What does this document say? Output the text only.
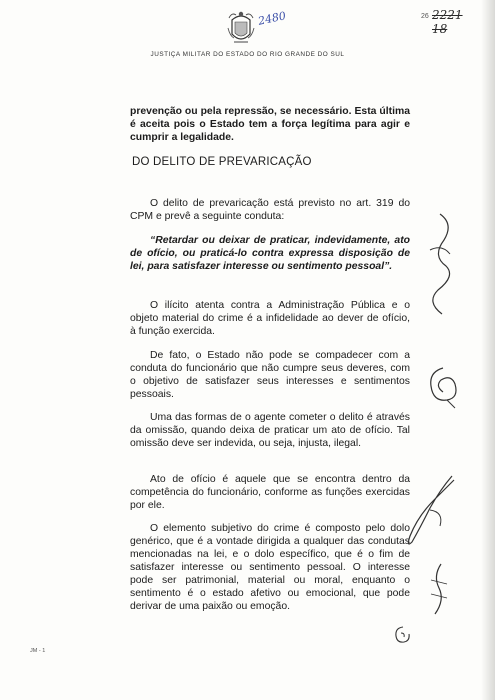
2480	26 2221
18
JUSTIÇA MILITAR DO ESTADO DO RIO GRANDE DO SUL

prevenção ou pela repressão, se necessário. Esta última é aceita pois o Estado tem a força legítima para agir e cumprir a legalidade.

DO DELITO DE PREVARICAÇÃO

O delito de prevaricação está previsto no art. 319 do CPM e prevê a seguinte conduta:

“Retardar ou deixar de praticar, indevidamente, ato de ofício, ou praticá-lo contra expressa disposição de lei, para satisfazer interesse ou sentimento pessoal”.

O ilícito atenta contra a Administração Pública e o objeto material do crime é a infidelidade ao dever de ofício, à função exercida.

De fato, o Estado não pode se compadecer com a conduta do funcionário que não cumpre seus deveres, com o objetivo de satisfazer seus interesses e sentimentos pessoais.

Uma das formas de o agente cometer o delito é através da omissão, quando deixa de praticar um ato de ofício. Tal omissão deve ser indevida, ou seja, injusta, ilegal.

Ato de ofício é aquele que se encontra dentro da competência do funcionário, conforme as funções exercidas por ele.

O elemento subjetivo do crime é composto pelo dolo genérico, que é a vontade dirigida a qualquer das condutas mencionadas na lei, e o dolo específico, que é o fim de satisfazer interesse ou sentimento pessoal. O interesse pode ser patrimonial, material ou moral, enquanto o sentimento é o estado afetivo ou emocional, que pode derivar de uma paixão ou emoção.

JM - 1
